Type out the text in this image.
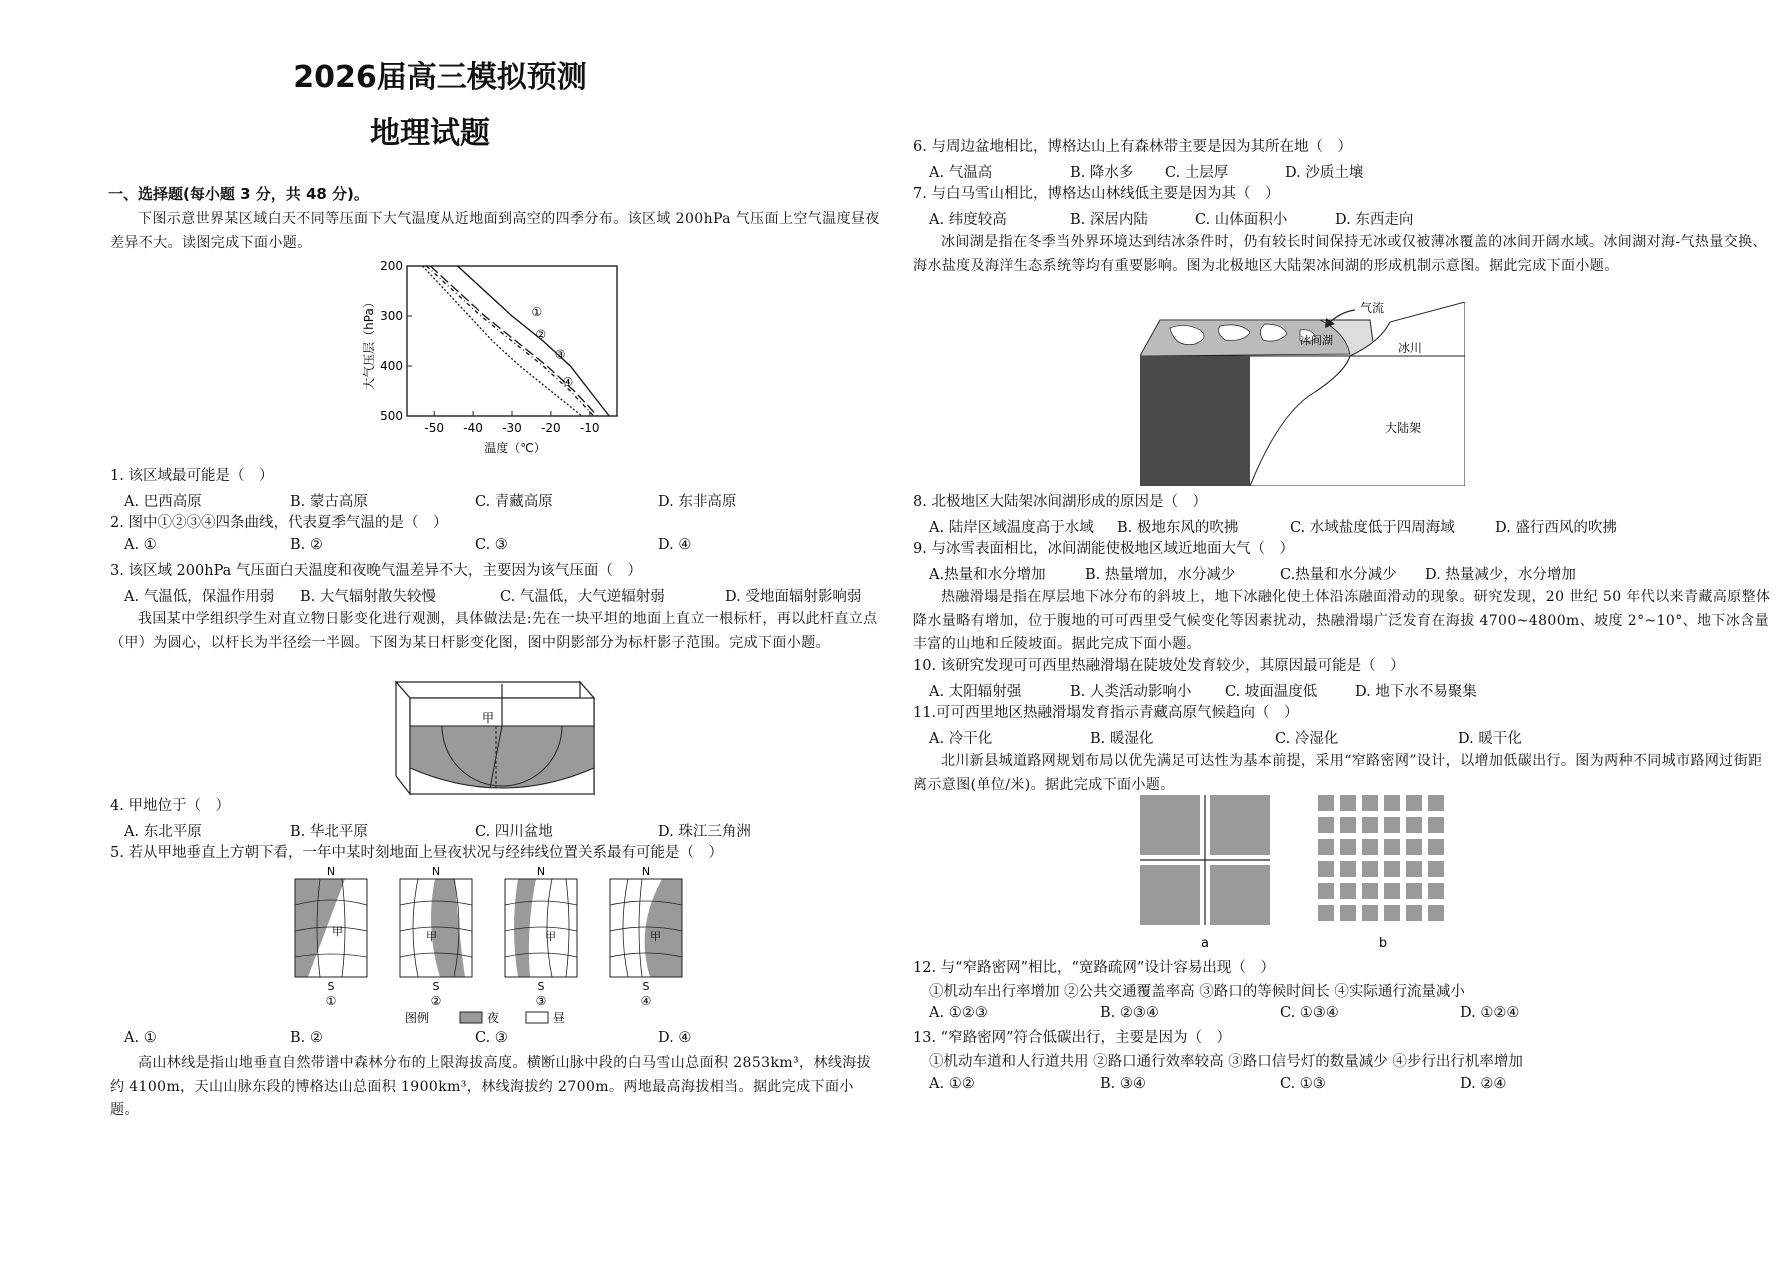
2026届高三模拟预测
地理试题
一、选择题(每小题 3 分，共 48 分)。
下图示意世界某区域白天不同等压面下大气温度从近地面到高空的四季分布。该区域 200hPa 气压面上空气温度昼夜差异不大。读图完成下面小题。
大气压层（hPa）
温度（℃）
200
300
400
500
-50 -40 -30 -20 -10
①
②
③
④
1. 该区域最可能是（　）
A. 巴西高原	B. 蒙古高原	C. 青藏高原	D. 东非高原
2. 图中①②③④四条曲线，代表夏季气温的是（　）
A. ①	B. ②	C. ③	D. ④
3. 该区域 200hPa 气压面白天温度和夜晚气温差异不大，主要因为该气压面（　）
A. 气温低，保温作用弱 B. 大气辐射散失较慢	C. 气温低，大气逆辐射弱	D. 受地面辐射影响弱
我国某中学组织学生对直立物日影变化进行观测，具体做法是:先在一块平坦的地面上直立一根标杆，再以此杆直立点（甲）为圆心，以杆长为半径绘一半圆。下图为某日杆影变化图，图中阴影部分为标杆影子范围。完成下面小题。
甲
4. 甲地位于（　）
A. 东北平原	B. 华北平原	C. 四川盆地	D. 珠江三角洲
5. 若从甲地垂直上方朝下看，一年中某时刻地面上昼夜状况与经纬线位置关系最有可能是（　）
N
甲
S
①
N
甲
S
②
N
甲
S
③
N
甲
S
④
图例	夜	昼
A. ①	B. ②	C. ③	D. ④
高山林线是指山地垂直自然带谱中森林分布的上限海拔高度。横断山脉中段的白马雪山总面积 2853km³，林线海拔约 4100m，天山山脉东段的博格达山总面积 1900km³，林线海拔约 2700m。两地最高海拔相当。据此完成下面小题。
6. 与周边盆地相比，博格达山上有森林带主要是因为其所在地（　）
A. 气温高	B. 降水多 C. 土层厚	D. 沙质土壤
7. 与白马雪山相比，博格达山林线低主要是因为其（　）
A. 纬度较高	B. 深居内陆	C. 山体面积小	D. 东西走向
冰间湖是指在冬季当外界环境达到结冰条件时，仍有较长时间保持无冰或仅被薄冰覆盖的冰间开阔水域。冰间湖对海-气热量交换、海水盐度及海洋生态系统等均有重要影响。图为北极地区大陆架冰间湖的形成机制示意图。据此完成下面小题。
气流
冰间湖
冰川
大陆架
8. 北极地区大陆架冰间湖形成的原因是（　）
A. 陆岸区域温度高于水域 B. 极地东风的吹拂	C. 水域盐度低于四周海域	D. 盛行西风的吹拂
9. 与冰雪表面相比，冰间湖能使极地区域近地面大气（　）
A.热量和水分增加	B. 热量增加，水分减少	C.热量和水分减少 D. 热量减少，水分增加
热融滑塌是指在厚层地下冰分布的斜坡上，地下冰融化使土体沿冻融面滑动的现象。研究发现，20 世纪 50 年代以来青藏高原整体降水量略有增加，位于腹地的可可西里受气候变化等因素扰动，热融滑塌广泛发育在海拔 4700~4800m、坡度 2°~10°、地下冰含量丰富的山地和丘陵坡面。据此完成下面小题。
10. 该研究发现可可西里热融滑塌在陡坡处发育较少，其原因最可能是（　）
A. 太阳辐射强	B. 人类活动影响小 C. 坡面温度低	D. 地下水不易聚集
11.可可西里地区热融滑塌发育指示青藏高原气候趋向（　）
A. 冷干化	B. 暖湿化	C. 冷湿化	D. 暖干化
北川新县城道路网规划布局以优先满足可达性为基本前提，采用“窄路密网”设计，以增加低碳出行。图为两种不同城市路网过街距离示意图(单位/米)。据此完成下面小题。
a	b
12. 与“窄路密网”相比，“宽路疏网”设计容易出现（　）
①机动车出行率增加 ②公共交通覆盖率高 ③路口的等候时间长 ④实际通行流量减小
A. ①②③	B. ②③④	C. ①③④	D. ①②④
13. “窄路密网”符合低碳出行，主要是因为（　）
①机动车道和人行道共用 ②路口通行效率较高 ③路口信号灯的数量减少 ④步行出行机率增加
A. ①②	B. ③④	C. ①③	D. ②④
